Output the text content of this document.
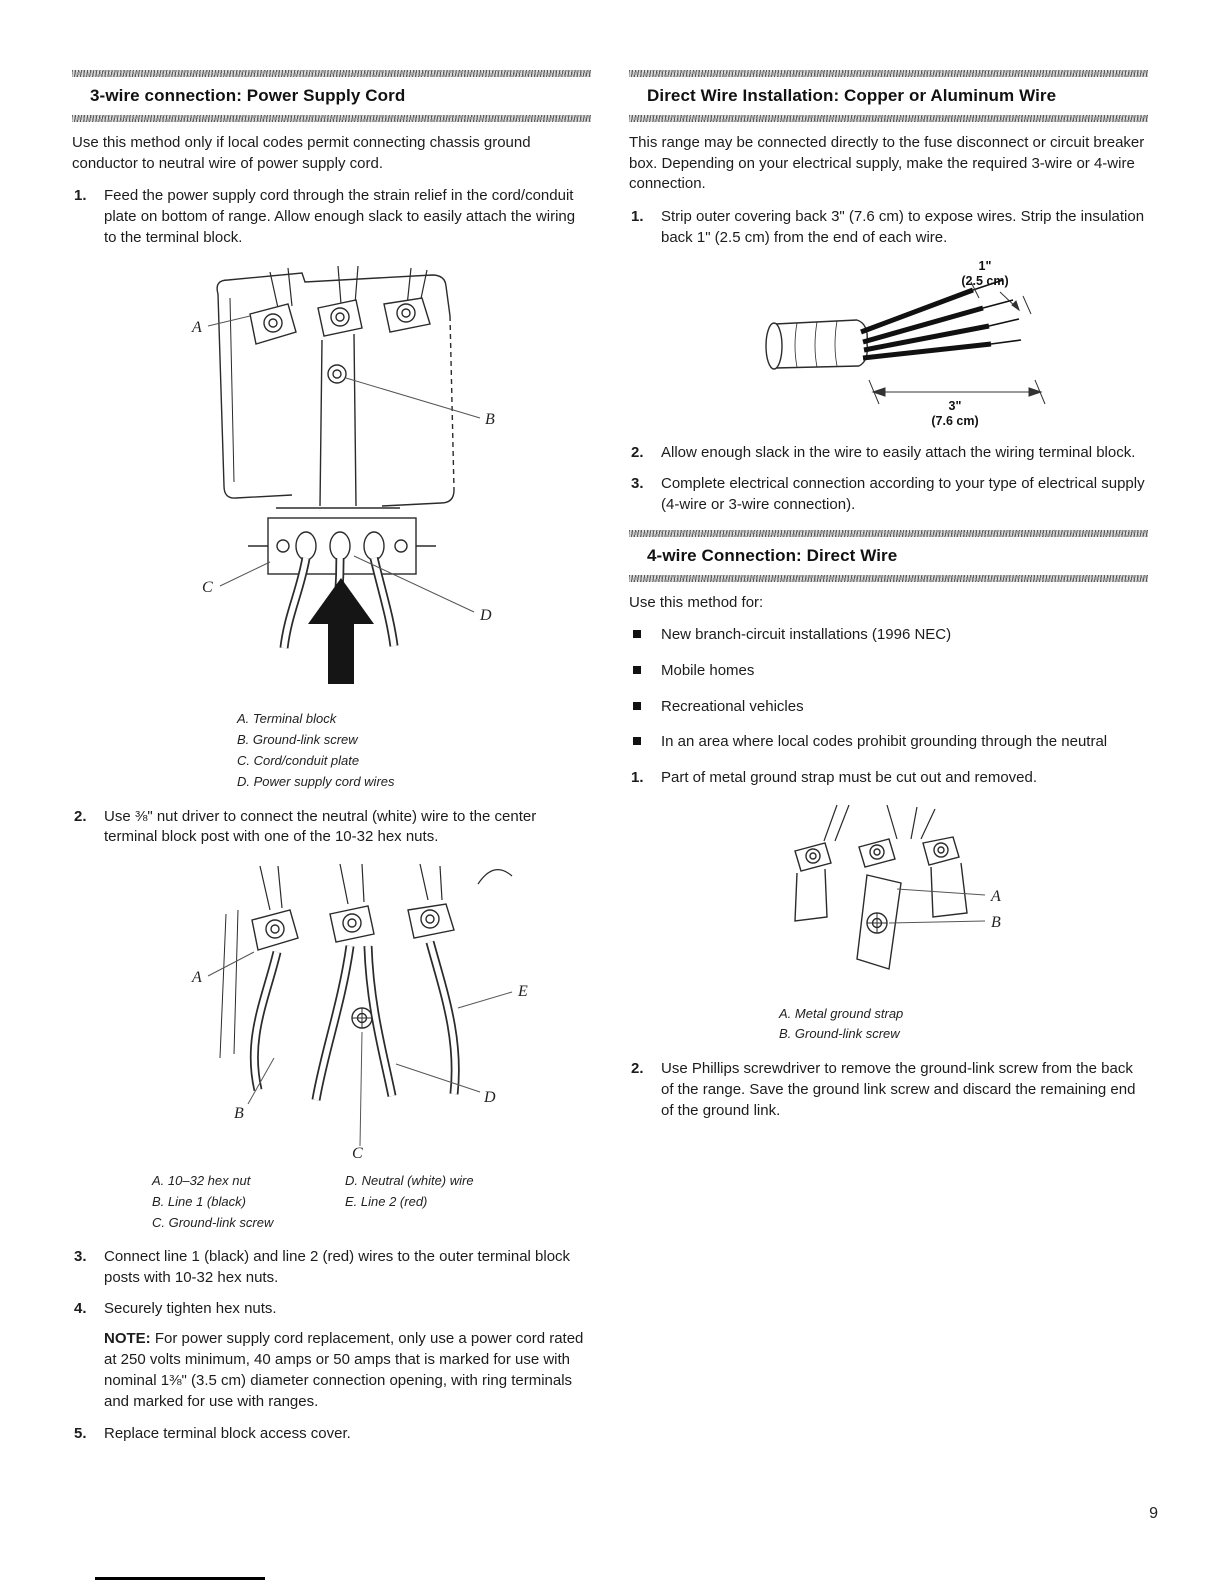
3-wire connection: Power Supply Cord

Use this method only if local codes permit connecting chassis ground conductor to neutral wire of power supply cord.

1.	Feed the power supply cord through the strain relief in the cord/conduit plate on bottom of range. Allow enough slack to easily attach the wiring to the terminal block.
A
B
C
D
A. Terminal block
B. Ground-link screw
C. Cord/conduit plate
D. Power supply cord wires
2.	Use ⅜" nut driver to connect the neutral (white) wire to the center terminal block post with one of the 10-32 hex nuts.
A
E
B
D
C
A. 10–32 hex nut
B. Line 1 (black)
C. Ground-link screw
D. Neutral (white) wire
E. Line 2 (red)
3.	Connect line 1 (black) and line 2 (red) wires to the outer terminal block posts with 10-32 hex nuts.
4.	Securely tighten hex nuts.

NOTE: For power supply cord replacement, only use a power cord rated at 250 volts minimum, 40 amps or 50 amps that is marked for use with nominal 1⅜" (3.5 cm) diameter connection opening, with ring terminals and marked for use with ranges.

5.	Replace terminal block access cover.
Direct Wire Installation: Copper or Aluminum Wire

This range may be connected directly to the fuse disconnect or circuit breaker box. Depending on your electrical supply, make the required 3-wire or 4-wire connection.

1.	Strip outer covering back 3" (7.6 cm) to expose wires. Strip the insulation back 1" (2.5 cm) from the end of each wire.
1"
(2.5 cm)
3"
(7.6 cm)
2.	Allow enough slack in the wire to easily attach the wiring terminal block.
3.	Complete electrical connection according to your type of electrical supply (4-wire or 3-wire connection).
4-wire Connection: Direct Wire

Use this method for:

New branch-circuit installations (1996 NEC)
Mobile homes
Recreational vehicles
In an area where local codes prohibit grounding through the neutral
1.	Part of metal ground strap must be cut out and removed.
A
B
A. Metal ground strap
B. Ground-link screw
2.	Use Phillips screwdriver to remove the ground-link screw from the back of the range. Save the ground link screw and discard the remaining end of the ground link.
9
